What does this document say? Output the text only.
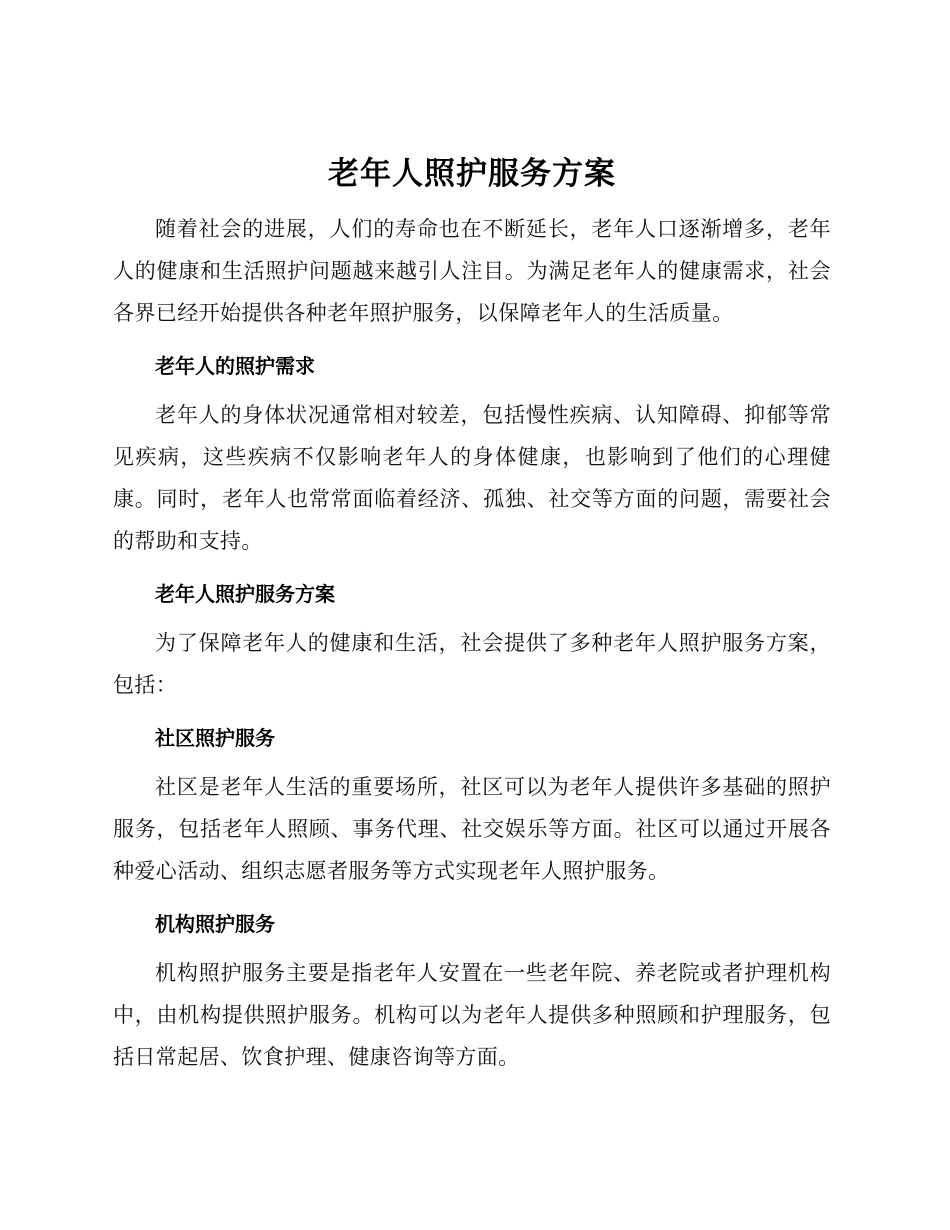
老年人照护服务方案

随着社会的进展，人们的寿命也在不断延长，老年人口逐渐增多，老年人的健康和生活照护问题越来越引人注目。为满足老年人的健康需求，社会各界已经开始提供各种老年照护服务，以保障老年人的生活质量。

老年人的照护需求

老年人的身体状况通常相对较差，包括慢性疾病、认知障碍、抑郁等常见疾病，这些疾病不仅影响老年人的身体健康，也影响到了他们的心理健康。同时，老年人也常常面临着经济、孤独、社交等方面的问题，需要社会的帮助和支持。

老年人照护服务方案

为了保障老年人的健康和生活，社会提供了多种老年人照护服务方案，包括：

社区照护服务

社区是老年人生活的重要场所，社区可以为老年人提供许多基础的照护服务，包括老年人照顾、事务代理、社交娱乐等方面。社区可以通过开展各种爱心活动、组织志愿者服务等方式实现老年人照护服务。

机构照护服务

机构照护服务主要是指老年人安置在一些老年院、养老院或者护理机构中，由机构提供照护服务。机构可以为老年人提供多种照顾和护理服务，包括日常起居、饮食护理、健康咨询等方面。
